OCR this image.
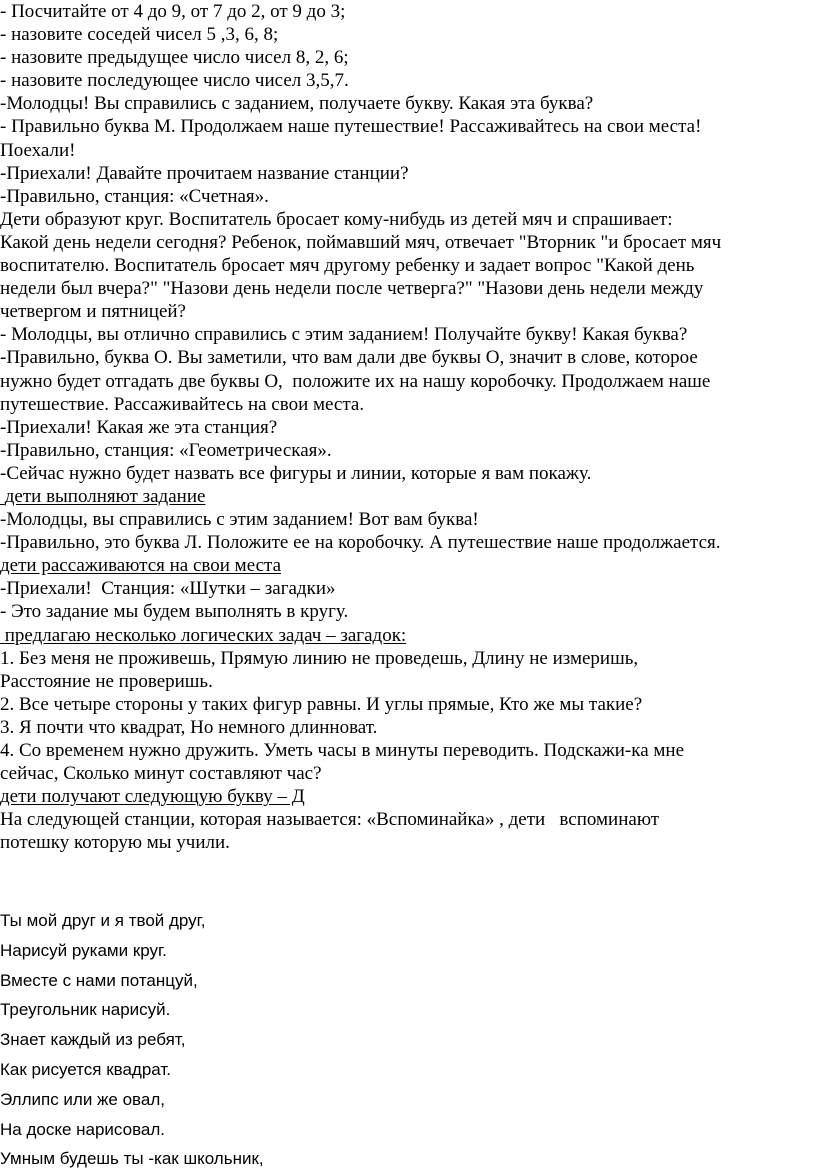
- Посчитайте от 4 до 9, от 7 до 2, от 9 до 3;

- назовите соседей чисел 5 ,3, 6, 8;

- назовите предыдущее число чисел 8, 2, 6;

- назовите последующее число чисел 3,5,7.

-Молодцы! Вы справились с заданием, получаете букву. Какая эта буква?

- Правильно буква М. Продолжаем наше путешествие! Рассаживайтесь на свои места!

Поехали!

-Приехали! Давайте прочитаем название станции?

-Правильно, станция: «Счетная».

Дети образуют круг. Воспитатель бросает кому-нибудь из детей мяч и спрашивает:

Какой день недели сегодня? Ребенок, поймавший мяч, отвечает "Вторник "и бросает мяч

воспитателю. Воспитатель бросает мяч другому ребенку и задает вопрос "Какой день

недели был вчера?" "Назови день недели после четверга?" "Назови день недели между

четвергом и пятницей?

- Молодцы, вы отлично справились с этим заданием! Получайте букву! Какая буква?

-Правильно, буква О. Вы заметили, что вам дали две буквы О, значит в слове, которое

нужно будет отгадать две буквы О,  положите их на нашу коробочку. Продолжаем наше

путешествие. Рассаживайтесь на свои места.

-Приехали! Какая же эта станция?

-Правильно, станция: «Геометрическая».

-Сейчас нужно будет назвать все фигуры и линии, которые я вам покажу.

дети выполняют задание

-Молодцы, вы справились с этим заданием! Вот вам буква!

-Правильно, это буква Л. Положите ее на коробочку. А путешествие наше продолжается.

дети рассаживаются на свои места

-Приехали!  Станция: «Шутки – загадки»

- Это задание мы будем выполнять в кругу.

предлагаю несколько логических задач – загадок:

1. Без меня не проживешь, Прямую линию не проведешь, Длину не измеришь,

Расстояние не проверишь.

2. Все четыре стороны у таких фигур равны. И углы прямые, Кто же мы такие?

3. Я почти что квадрат, Но немного длинноват.

4. Со временем нужно дружить. Уметь часы в минуты переводить. Подскажи-ка мне

сейчас, Сколько минут составляют час?

дети получают следующую букву – Д

На следующей станции, которая называется: «Вспоминайка» , дети   вспоминают

потешку которую мы учили.

Ты мой друг и я твой друг,

Нарисуй руками круг.

Вместе с нами потанцуй,

Треугольник нарисуй.

Знает каждый из ребят,

Как рисуется квадрат.

Эллипс или же овал,

На доске нарисовал.

Умным будешь ты -как школьник,
